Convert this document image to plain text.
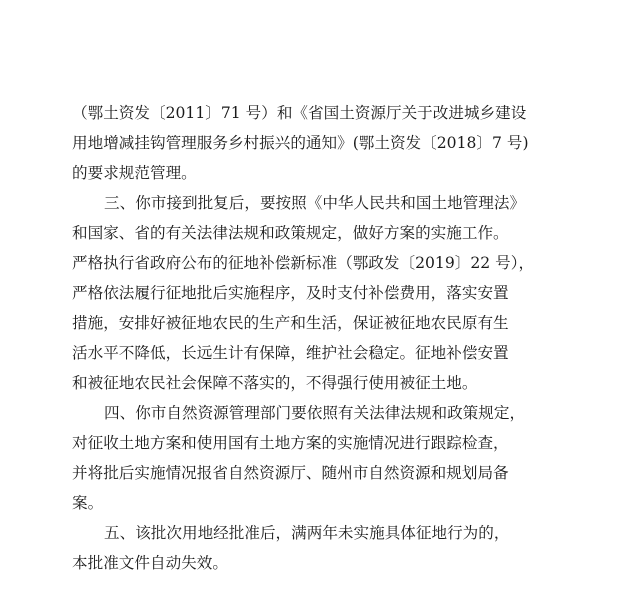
（鄂土资发〔2011〕71 号）和《省国土资源厅关于改进城乡建设
用地增减挂钩管理服务乡村振兴的通知》(鄂土资发〔2018〕7 号)
的要求规范管理。
三、你市接到批复后，要按照《中华人民共和国土地管理法》
和国家、省的有关法律法规和政策规定，做好方案的实施工作。
严格执行省政府公布的征地补偿新标准（鄂政发〔2019〕22 号），
严格依法履行征地批后实施程序，及时支付补偿费用，落实安置
措施，安排好被征地农民的生产和生活，保证被征地农民原有生
活水平不降低，长远生计有保障，维护社会稳定。征地补偿安置
和被征地农民社会保障不落实的，不得强行使用被征土地。
四、你市自然资源管理部门要依照有关法律法规和政策规定，
对征收土地方案和使用国有土地方案的实施情况进行跟踪检查，
并将批后实施情况报省自然资源厅、随州市自然资源和规划局备
案。
五、该批次用地经批准后，满两年未实施具体征地行为的，
本批准文件自动失效。
